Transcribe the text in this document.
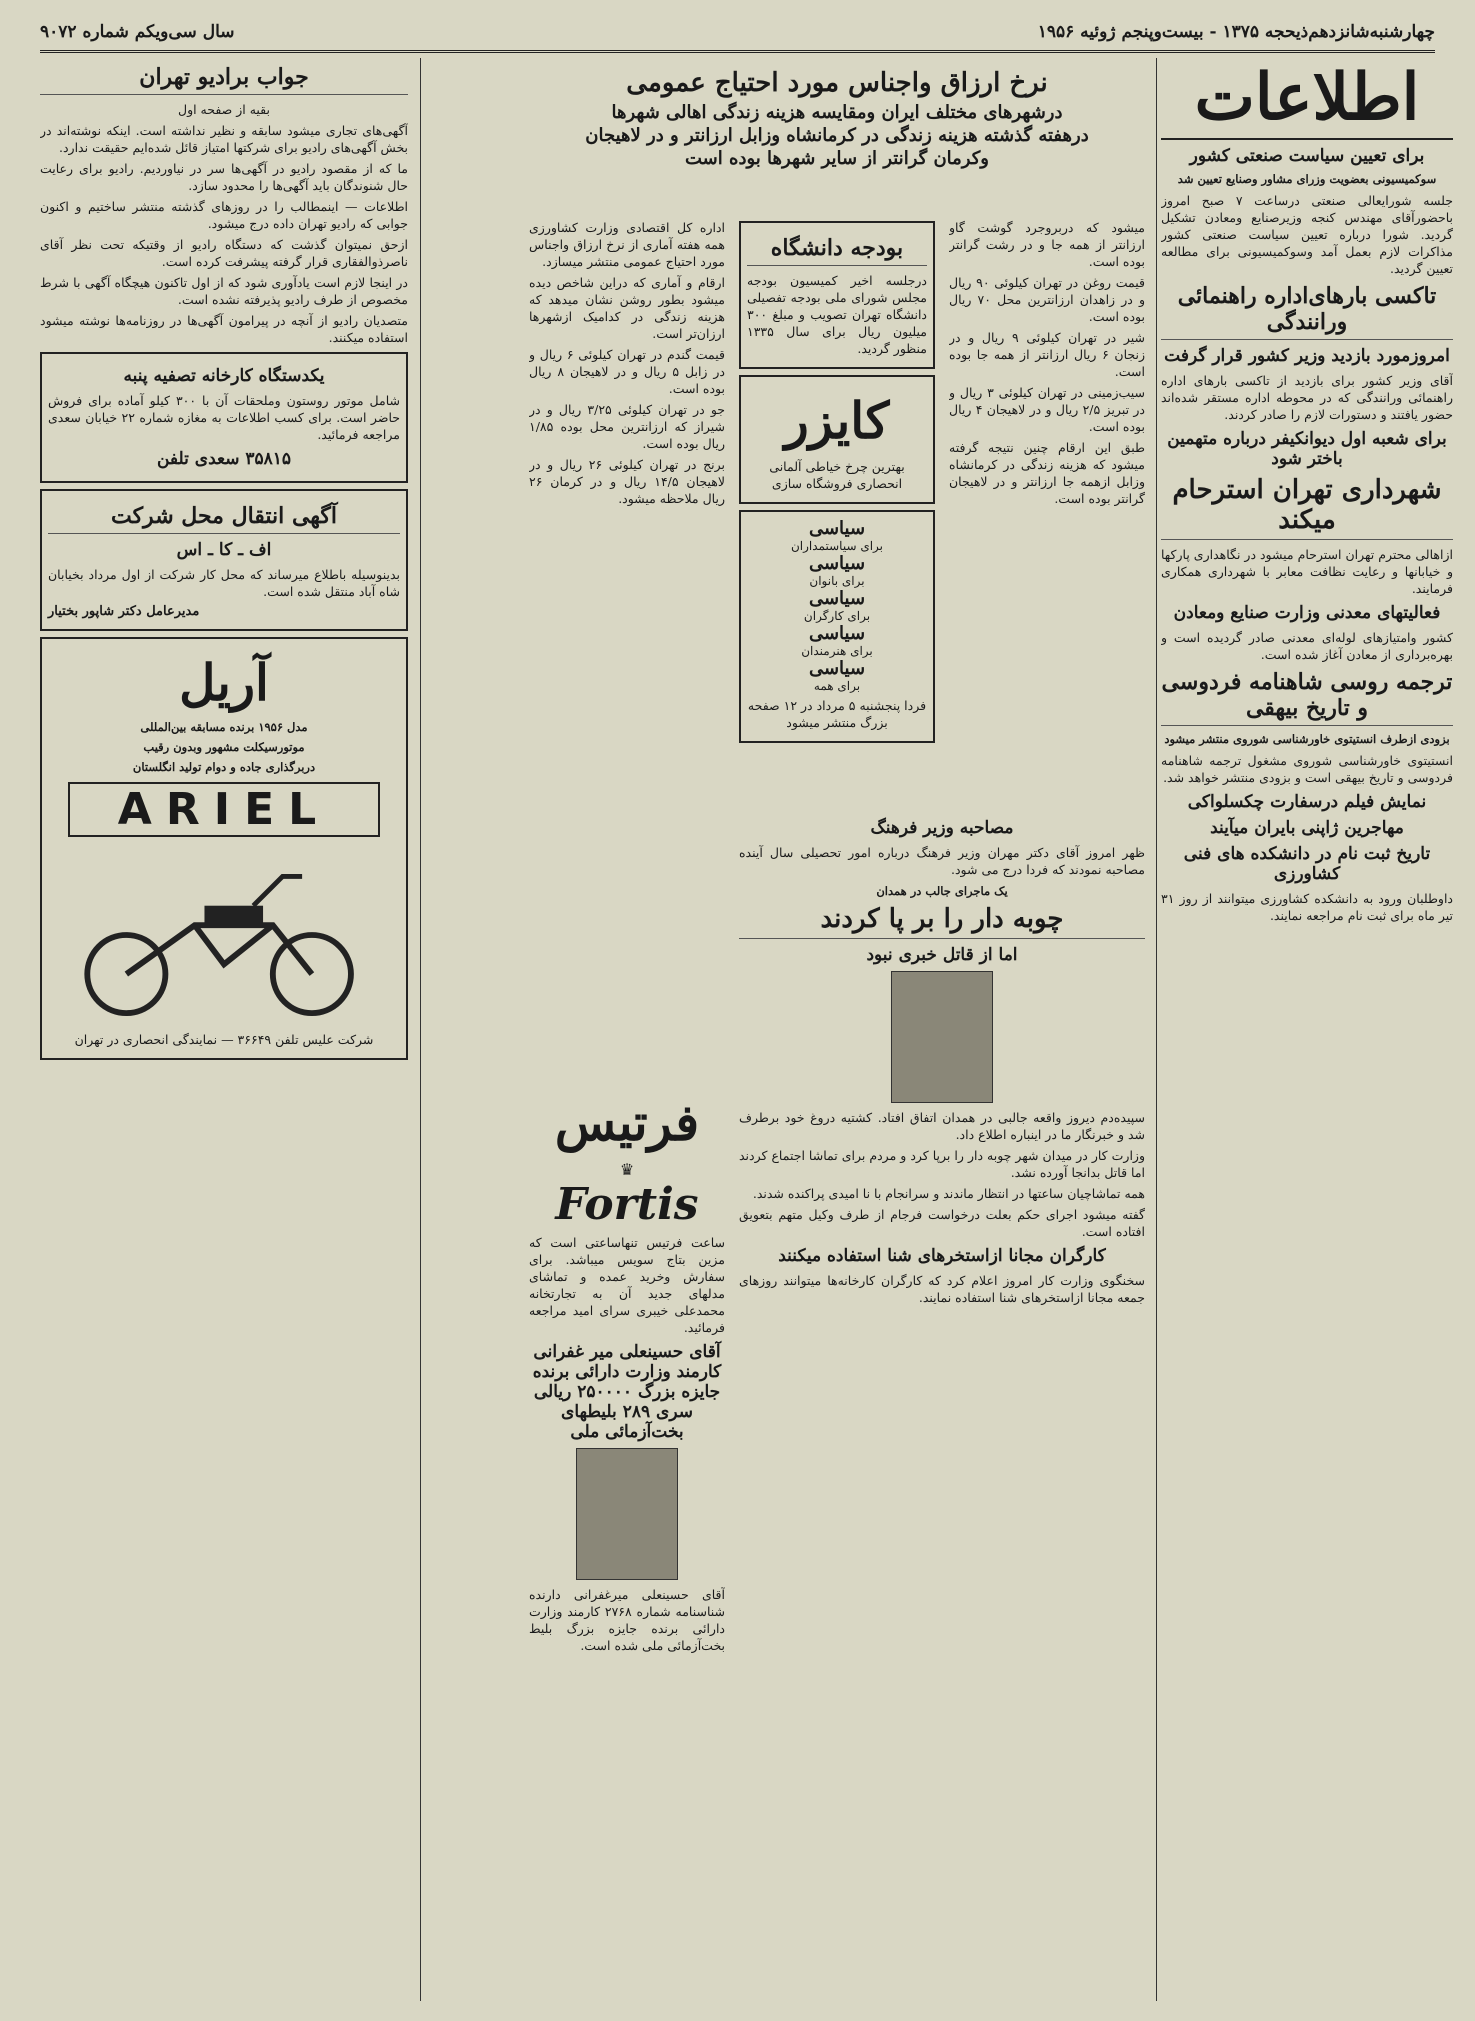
چهارشنبه‌شانزدهم‌ذیحجه ۱۳۷۵ - بیست‌وپنجم ژوئیه ۱۹۵۶
سال سی‌ویکم شماره ۹۰۷۲
اطلاعات
برای تعیین سیاست صنعتی کشور
سوکمیسیونی بعضویت وزرای مشاور وصنایع تعیین شد

جلسه شورایعالی صنعتی درساعت ۷ صبح امروز باحضورآقای مهندس کنجه وزیرصنایع ومعادن تشکیل گردید. شورا درباره تعیین سیاست صنعتی کشور مذاکرات لازم بعمل آمد وسوکمیسیونی برای مطالعه تعیین گردید.

تاکسی بارهای‌اداره راهنمائی ورانندگی
امروزمورد بازدید وزیر کشور قرار گرفت

آقای وزیر کشور برای بازدید از تاکسی بارهای اداره راهنمائی ورانندگی که در محوطه اداره مستقر شده‌اند حضور یافتند و دستورات لازم را صادر کردند.

برای شعبه اول دیوانکیفر درباره متهمین باختر شود
شهرداری تهران استرحام میکند

ازاهالی محترم تهران استرحام میشود در نگاهداری پارکها و خیابانها و رعایت نظافت معابر با شهرداری همکاری فرمایند.

فعالیتهای معدنی وزارت صنایع ومعادن

کشور وامتیازهای لوله‌ای معدنی صادر گردیده است و بهره‌برداری از معادن آغاز شده است.

ترجمه روسی شاهنامه فردوسی و تاریخ بیهقی
بزودی ازطرف انستیتوی خاورشناسی شوروی منتشر میشود

انستیتوی خاورشناسی شوروی مشغول ترجمه شاهنامه فردوسی و تاریخ بیهقی است و بزودی منتشر خواهد شد.

نمایش فیلم درسفارت چکسلواکی
مهاجرین ژاپنی بایران میآیند
تاریخ ثبت نام در دانشکده های فنی کشاورزی

داوطلبان ورود به دانشکده کشاورزی میتوانند از روز ۳۱ تیر ماه برای ثبت نام مراجعه نمایند.

نرخ ارزاق واجناس مورد احتیاج عمومی
درشهرهای مختلف ایران ومقایسه هزینه زندگی اهالی شهرها
درهفته گذشته هزینه زندگی در کرمانشاه وزابل ارزانتر و در لاهیجان
وکرمان گرانتر از سایر شهرها بوده است

اداره کل اقتصادی وزارت کشاورزی همه هفته آماری از نرخ ارزاق واجناس مورد احتیاج عمومی منتشر میسازد.

ارقام و آماری که دراین شاخص دیده میشود بطور روشن نشان میدهد که هزینه زندگی در کدامیک ازشهرها ارزان‌تر است.

قیمت گندم در تهران کیلوئی ۶ ریال و در زابل ۵ ریال و در لاهیجان ۸ ریال بوده است.

جو در تهران کیلوئی ۳/۲۵ ریال و در شیراز که ارزانترین محل بوده ۱/۸۵ ریال بوده است.

برنج در تهران کیلوئی ۲۶ ریال و در لاهیجان ۱۴/۵ ریال و در کرمان ۲۶ ریال ملاحظه میشود.

بودجه دانشگاه

درجلسه اخیر کمیسیون بودجه مجلس شورای ملی بودجه تفصیلی دانشگاه تهران تصویب و مبلغ ۳۰۰ میلیون ریال برای سال ۱۳۳۵ منظور گردید.

کایزر

بهترین چرخ خیاطی آلمانی انحصاری فروشگاه سازی

سیاسی
برای سیاستمداران
سیاسی
برای بانوان
سیاسی
برای کارگران
سیاسی
برای هنرمندان
سیاسی
برای همه

فردا پنجشنبه ۵ مرداد در ۱۲ صفحه بزرگ منتشر میشود

میشود که دربروجرد گوشت گاو ارزانتر از همه جا و در رشت گرانتر بوده است.

قیمت روغن در تهران کیلوئی ۹۰ ریال و در زاهدان ارزانترین محل ۷۰ ریال بوده است.

شیر در تهران کیلوئی ۹ ریال و در زنجان ۶ ریال ارزانتر از همه جا بوده است.

سیب‌زمینی در تهران کیلوئی ۳ ریال و در تبریز ۲/۵ ریال و در لاهیجان ۴ ریال بوده است.

طبق این ارقام چنین نتیجه گرفته میشود که هزینه زندگی در کرمانشاه وزابل ازهمه جا ارزانتر و در لاهیجان گرانتر بوده است.

مصاحبه وزیر فرهنگ

ظهر امروز آقای دکتر مهران وزیر فرهنگ درباره امور تحصیلی سال آینده مصاحبه نمودند که فردا درج می شود.

یک ماجرای جالب در همدان
چوبه دار را بر پا کردند
اما از قاتل خبری نبود

سپیده‌دم دیروز واقعه جالبی در همدان اتفاق افتاد. کشتیه دروغ خود برطرف شد و خبرنگار ما در اینباره اطلاع داد.

وزارت کار در میدان شهر چوبه دار را برپا کرد و مردم برای تماشا اجتماع کردند اما قاتل بدانجا آورده نشد.

همه تماشاچیان ساعتها در انتظار ماندند و سرانجام با نا امیدی پراکنده شدند.

گفته میشود اجرای حکم بعلت درخواست فرجام از طرف وکیل متهم بتعویق افتاده است.

کارگران مجانا ازاستخرهای شنا استفاده میکنند

سخنگوی وزارت کار امروز اعلام کرد که کارگران کارخانه‌ها میتوانند روزهای جمعه مجانا ازاستخرهای شنا استفاده نمایند.

فرتیس
♛
Fortis

ساعت فرتیس تنهاساعتی است که مزین بتاج سویس میباشد. برای سفارش وخرید عمده و تماشای مدلهای جدید آن به تجارتخانه محمدعلی خیبری سرای امید مراجعه فرمائید.

آقای حسینعلی میر غفرانی کارمند وزارت دارائی برنده جایزه بزرگ ۲۵۰۰۰۰ ریالی سری ۲۸۹ بلیطهای بخت‌آزمائی ملی

آقای حسینعلی میرغفرانی دارنده شناسنامه شماره ۲۷۶۸ کارمند وزارت دارائی برنده جایزه بزرگ بلیط بخت‌آزمائی ملی شده است.

جواب برادیو تهران

بقیه از صفحه اول

آگهی‌های تجاری میشود سابقه و نظیر نداشته است. اینکه نوشته‌اند در بخش آگهی‌های رادیو برای شرکتها امتیاز قائل شده‌ایم حقیقت ندارد.

ما که از مقصود رادیو در آگهی‌ها سر در نیاوردیم. رادیو برای رعایت حال شنوندگان باید آگهی‌ها را محدود سازد.

اطلاعات — اینمطالب را در روزهای گذشته منتشر ساختیم و اکنون جوابی که رادیو تهران داده درج میشود.

ازحق نمیتوان گذشت که دستگاه رادیو از وقتیکه تحت نظر آقای ناصرذوالفقاری قرار گرفته پیشرفت کرده است.

در اینجا لازم است یادآوری شود که از اول تاکنون هیچگاه آگهی با شرط مخصوص از طرف رادیو پذیرفته نشده است.

متصدیان رادیو از آنچه در پیرامون آگهی‌ها در روزنامه‌ها نوشته میشود استفاده میکنند.

یکدستگاه کارخانه تصفیه پنبه

شامل موتور روستون وملحقات آن با ۳۰۰ کیلو آماده برای فروش حاضر است. برای کسب اطلاعات به مغازه شماره ۲۲ خیابان سعدی مراجعه فرمائید.

۳۵۸۱۵ سعدی تلفن
آگهی انتقال محل شرکت
اف ـ کا ـ اس

بدینوسیله باطلاع میرساند که محل کار شرکت از اول مرداد بخیابان شاه آباد منتقل شده است.

مدیرعامل دکتر شاپور بختیار
آریل
مدل ۱۹۵۶ برنده مسابقه بین‌المللی
موتورسیکلت مشهور وبدون رقیب
دربرگذاری جاده و دوام تولید انگلستان
ARIEL

شرکت علیس تلفن ۳۶۶۴۹ — نمایندگی انحصاری در تهران
